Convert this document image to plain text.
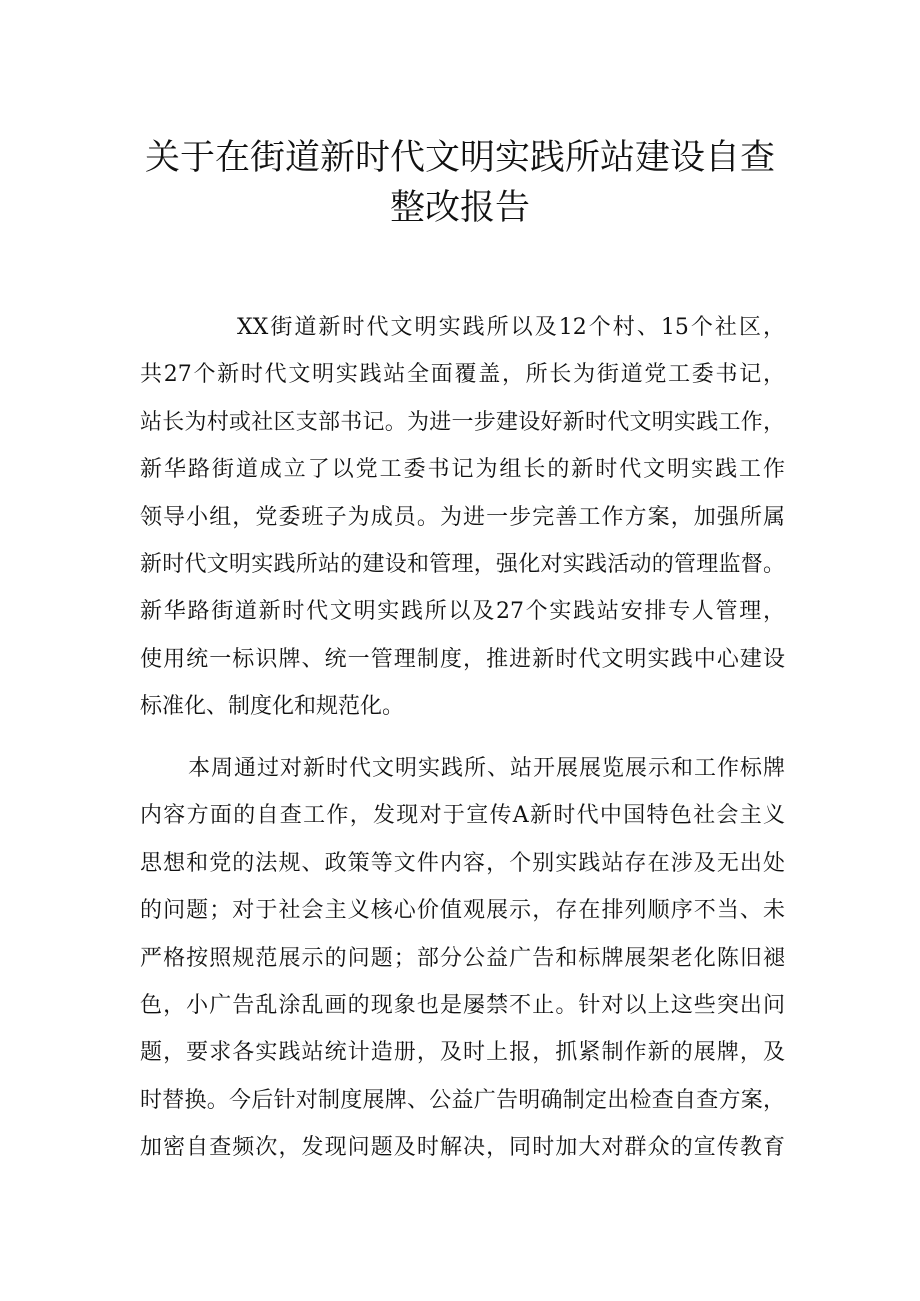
关于在街道新时代文明实践所站建设自查
整改报告
XX街道新时代文明实践所以及12个村、15个社区，
共27个新时代文明实践站全面覆盖，所长为街道党工委书记，
站长为村或社区支部书记。为进一步建设好新时代文明实践工作，
新华路街道成立了以党工委书记为组长的新时代文明实践工作
领导小组，党委班子为成员。为进一步完善工作方案，加强所属
新时代文明实践所站的建设和管理，强化对实践活动的管理监督。
新华路街道新时代文明实践所以及27个实践站安排专人管理，
使用统一标识牌、统一管理制度，推进新时代文明实践中心建设
标准化、制度化和规范化。
本周通过对新时代文明实践所、站开展展览展示和工作标牌
内容方面的自查工作，发现对于宣传A新时代中国特色社会主义
思想和党的法规、政策等文件内容，个别实践站存在涉及无出处
的问题；对于社会主义核心价值观展示，存在排列顺序不当、未
严格按照规范展示的问题；部分公益广告和标牌展架老化陈旧褪
色，小广告乱涂乱画的现象也是屡禁不止。针对以上这些突出问
题，要求各实践站统计造册，及时上报，抓紧制作新的展牌，及
时替换。今后针对制度展牌、公益广告明确制定出检查自查方案，
加密自查频次，发现问题及时解决，同时加大对群众的宣传教育
